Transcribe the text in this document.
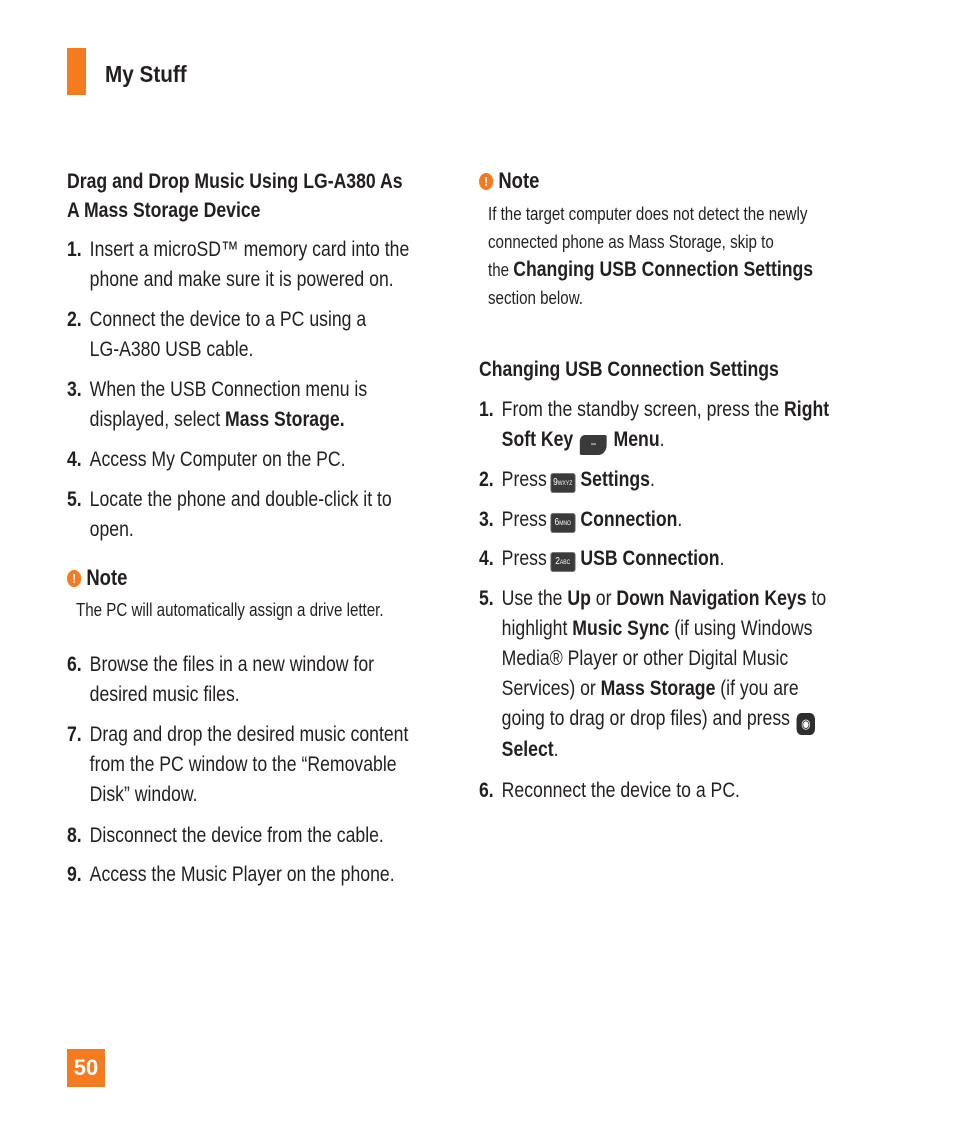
My Stuff
Drag and Drop Music Using LG-A380 As
A Mass Storage Device
1. Insert a microSD™ memory card into the
phone and make sure it is powered on.
2. Connect the device to a PC using a
LG-A380 USB cable.
3. When the USB Connection menu is
displayed, select Mass Storage.
4. Access My Computer on the PC.
5. Locate the phone and double-click it to
open.
! Note
The PC will automatically assign a drive letter.
6. Browse the files in a new window for
desired music files.
7. Drag and drop the desired music content
from the PC window to the “Removable
Disk” window.
8. Disconnect the device from the cable.
9. Access the Music Player on the phone.
! Note
If the target computer does not detect the newly
connected phone as Mass Storage, skip to
the Changing USB Connection Settings
section below.
Changing USB Connection Settings
1. From the standby screen, press the Right
Soft Key − Menu.
2. Press 9WXYZ Settings.
3. Press 6MNO Connection.
4. Press 2ABC USB Connection.
5. Use the Up or Down Navigation Keys to
highlight Music Sync (if using Windows
Media® Player or other Digital Music
Services) or Mass Storage (if you are
going to drag or drop files) and press ◉
Select.
6. Reconnect the device to a PC.
50
